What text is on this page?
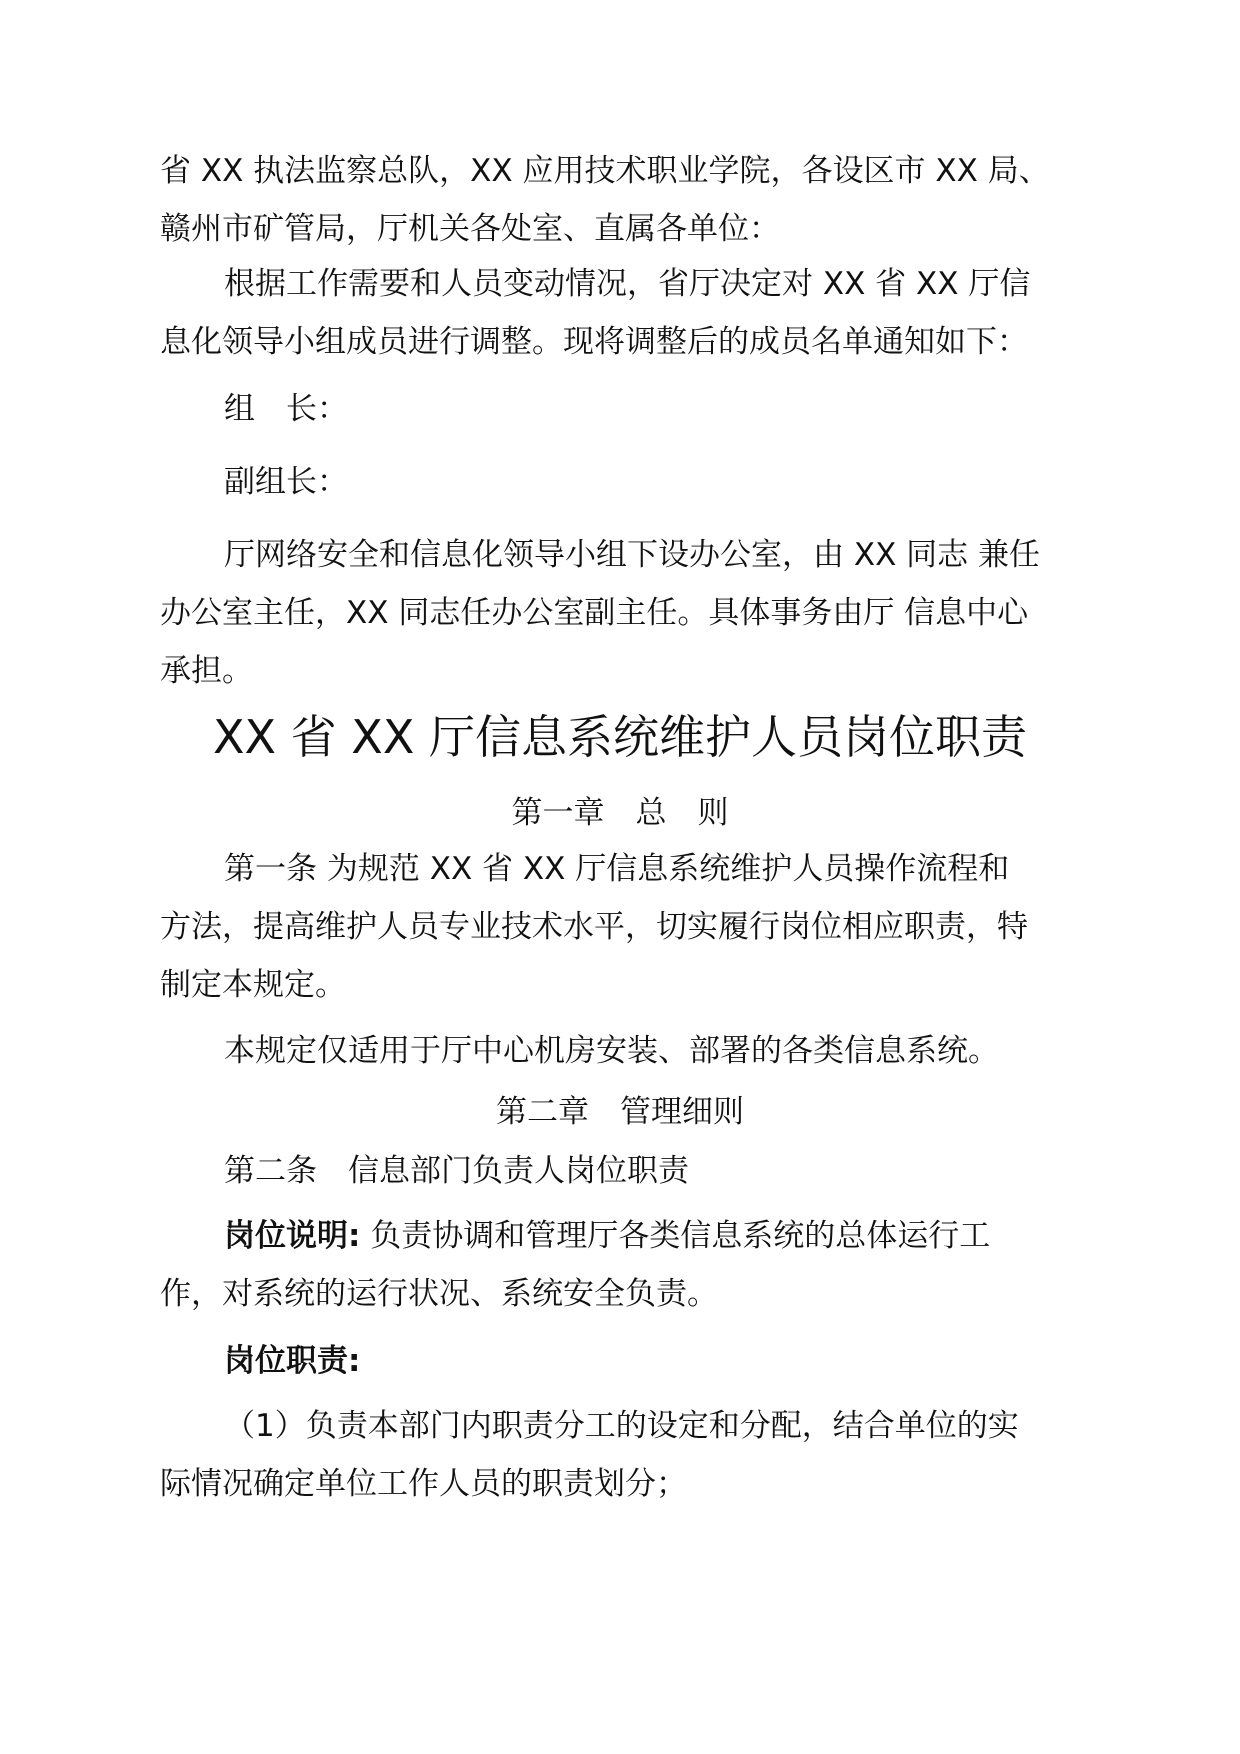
省 XX 执法监察总队，XX 应用技术职业学院，各设区市 XX 局、
赣州市矿管局，厅机关各处室、直属各单位：

根据工作需要和人员变动情况，省厅决定对 XX 省 XX 厅信
息化领导小组成员进行调整。现将调整后的成员名单通知如下：

组　长：

副组长：

厅网络安全和信息化领导小组下设办公室，由 XX 同志 兼任
办公室主任，XX 同志任办公室副主任。具体事务由厅 信息中心
承担。

XX 省 XX 厅信息系统维护人员岗位职责

第一章　总　则

第一条 为规范 XX 省 XX 厅信息系统维护人员操作流程和
方法，提高维护人员专业技术水平，切实履行岗位相应职责，特
制定本规定。

本规定仅适用于厅中心机房安装、部署的各类信息系统。

第二章　管理细则

第二条　信息部门负责人岗位职责

岗位说明: 负责协调和管理厅各类信息系统的总体运行工
作，对系统的运行状况、系统安全负责。

岗位职责:

（1）负责本部门内职责分工的设定和分配，结合单位的实
际情况确定单位工作人员的职责划分；
